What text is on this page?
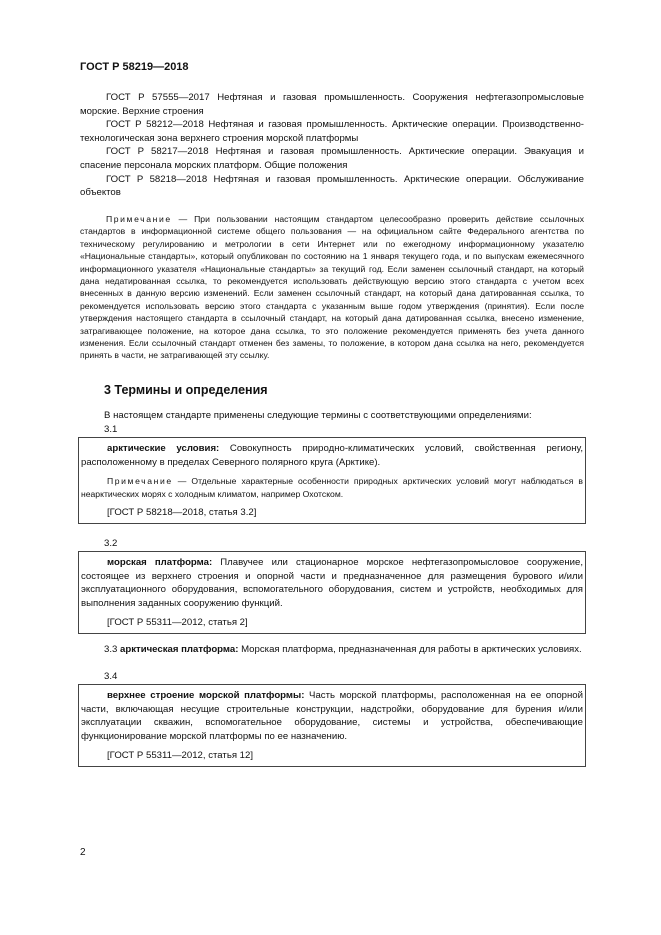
ГОСТ Р 58219—2018

ГОСТ Р 57555—2017 Нефтяная и газовая промышленность. Сооружения нефтегазопромысловые морские. Верхние строения

ГОСТ Р 58212—2018 Нефтяная и газовая промышленность. Арктические операции. Производственно-технологическая зона верхнего строения морской платформы

ГОСТ Р 58217—2018 Нефтяная и газовая промышленность. Арктические операции. Эвакуация и спасение персонала морских платформ. Общие положения

ГОСТ Р 58218—2018 Нефтяная и газовая промышленность. Арктические операции. Обслуживание объектов

Примечание — При пользовании настоящим стандартом целесообразно проверить действие ссылочных стандартов в информационной системе общего пользования — на официальном сайте Федерального агентства по техническому регулированию и метрологии в сети Интернет или по ежегодному информационному указателю «Национальные стандарты», который опубликован по состоянию на 1 января текущего года, и по выпускам ежемесячного информационного указателя «Национальные стандарты» за текущий год. Если заменен ссылочный стандарт, на который дана недатированная ссылка, то рекомендуется использовать действующую версию этого стандарта с учетом всех внесенных в данную версию изменений. Если заменен ссылочный стандарт, на который дана датированная ссылка, то рекомендуется использовать версию этого стандарта с указанным выше годом утверждения (принятия). Если после утверждения настоящего стандарта в ссылочный стандарт, на который дана датированная ссылка, внесено изменение, затрагивающее положение, на которое дана ссылка, то это положение рекомендуется применять без учета данного изменения. Если ссылочный стандарт отменен без замены, то положение, в котором дана ссылка на него, рекомендуется принять в части, не затрагивающей эту ссылку.

3 Термины и определения

В настоящем стандарте применены следующие термины с соответствующими определениями:

3.1

арктические условия: Совокупность природно-климатических условий, свойственная региону, расположенному в пределах Северного полярного круга (Арктике).

Примечание — Отдельные характерные особенности природных арктических условий могут наблюдаться в неарктических морях с холодным климатом, например Охотском.

[ГОСТ Р 58218—2018, статья 3.2]

3.2

морская платформа: Плавучее или стационарное морское нефтегазопромысловое сооружение, состоящее из верхнего строения и опорной части и предназначенное для размещения бурового и/или эксплуатационного оборудования, вспомогательного оборудования, систем и устройств, необходимых для выполнения заданных сооружению функций.

[ГОСТ Р 55311—2012, статья 2]

3.3 арктическая платформа: Морская платформа, предназначенная для работы в арктических условиях.

3.4

верхнее строение морской платформы: Часть морской платформы, расположенная на ее опорной части, включающая несущие строительные конструкции, надстройки, оборудование для бурения и/или эксплуатации скважин, вспомогательное оборудование, системы и устройства, обеспечивающие функционирование морской платформы по ее назначению.

[ГОСТ Р 55311—2012, статья 12]

2
